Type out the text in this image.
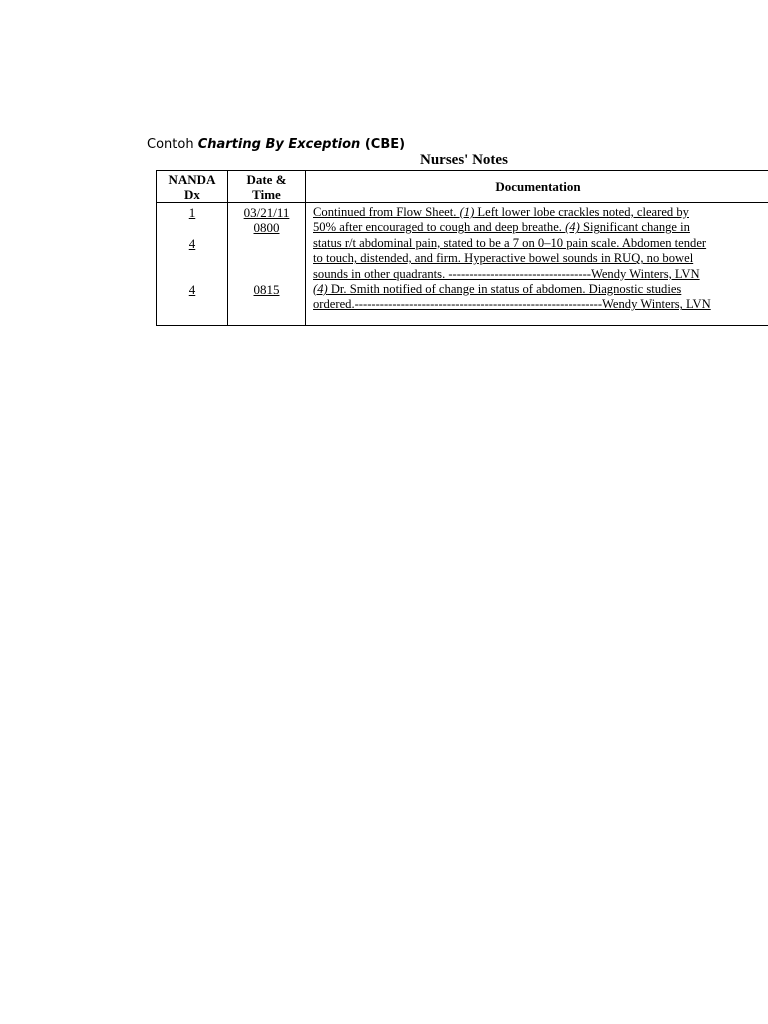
Contoh Charting By Exception (CBE)
Nurses' Notes
NANDA
Dx
Date &
Time
Documentation
1
4
4
03/21/11
0800
0815
Continued from Flow Sheet. (1) Left lower lobe crackles noted, cleared by
50% after encouraged to cough and deep breathe. (4) Significant change in
status r/t abdominal pain, stated to be a 7 on 0–10 pain scale. Abdomen tender
to touch, distended, and firm. Hyperactive bowel sounds in RUQ, no bowel
sounds in other quadrants. ----------------------------------Wendy Winters, LVN
(4) Dr. Smith notified of change in status of abdomen. Diagnostic studies
ordered.-----------------------------------------------------------Wendy Winters, LVN
